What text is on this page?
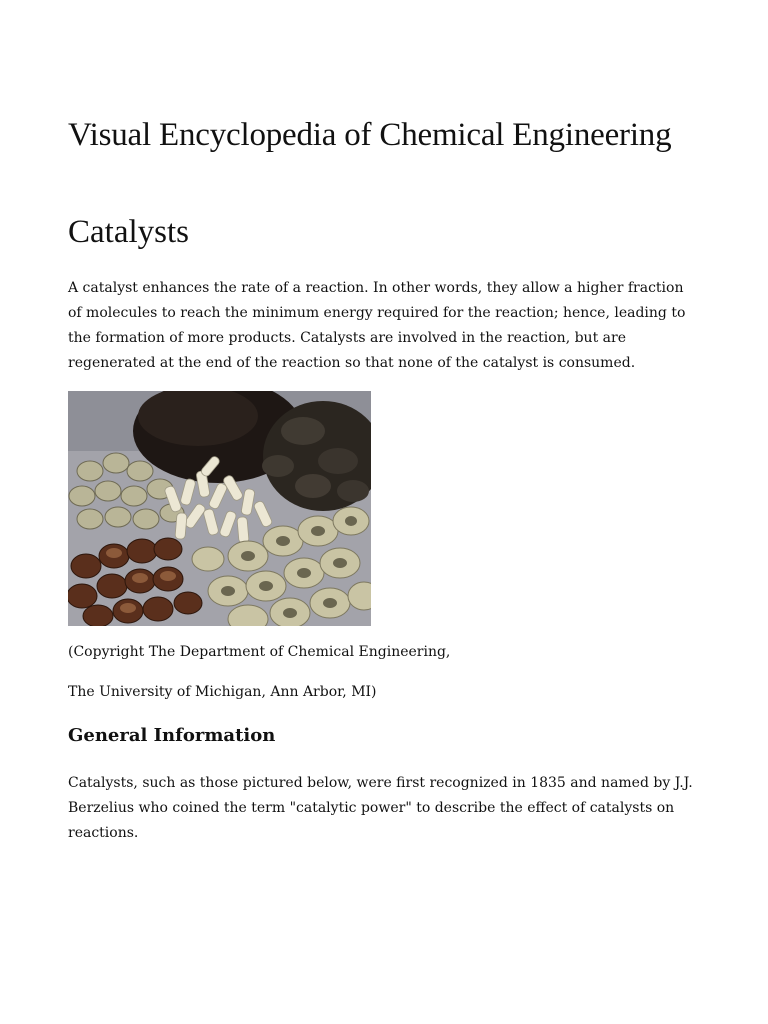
Visual Encyclopedia of Chemical Engineering
Catalysts

A catalyst enhances the rate of a reaction. In other words, they allow a higher fraction of molecules to reach the minimum energy required for the reaction; hence, leading to the formation of more products. Catalysts are involved in the reaction, but are regenerated at the end of the reaction so that none of the catalyst is consumed.

(Copyright The Department of Chemical Engineering,

The University of Michigan, Ann Arbor, MI)

General Information

Catalysts, such as those pictured below, were first recognized in 1835 and named by J.J. Berzelius who coined the term "catalytic power" to describe the effect of catalysts on reactions.
